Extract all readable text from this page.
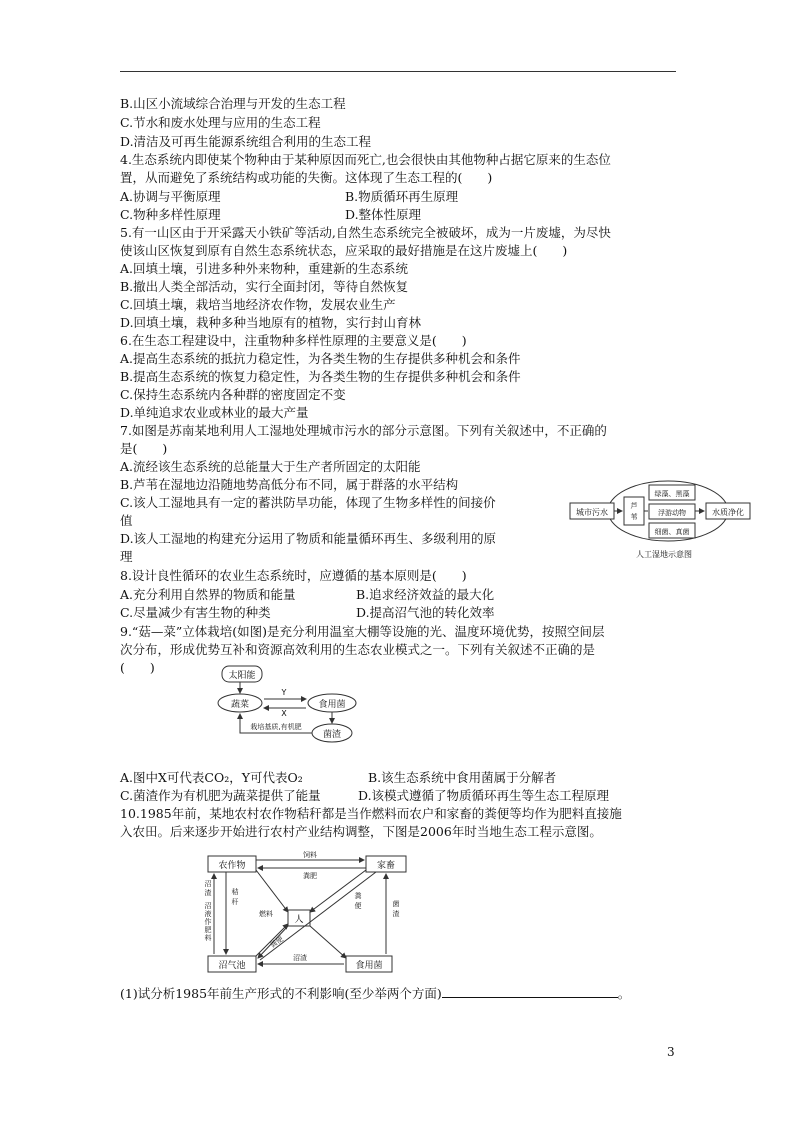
B.山区小流域综合治理与开发的生态工程
C.节水和废水处理与应用的生态工程
D.清洁及可再生能源系统组合利用的生态工程
4.生态系统内即使某个物种由于某种原因而死亡,也会很快由其他物种占据它原来的生态位
置，从而避免了系统结构或功能的失衡。这体现了生态工程的(　　)
A.协调与平衡原理	B.物质循环再生原理
C.物种多样性原理	D.整体性原理
5.有一山区由于开采露天小铁矿等活动,自然生态系统完全被破坏，成为一片废墟，为尽快
使该山区恢复到原有自然生态系统状态，应采取的最好措施是在这片废墟上(　　)
A.回填土壤，引进多种外来物种，重建新的生态系统
B.撤出人类全部活动，实行全面封闭，等待自然恢复
C.回填土壤，栽培当地经济农作物，发展农业生产
D.回填土壤，栽种多种当地原有的植物，实行封山育林
6.在生态工程建设中，注重物种多样性原理的主要意义是(　　)
A.提高生态系统的抵抗力稳定性，为各类生物的生存提供多种机会和条件
B.提高生态系统的恢复力稳定性，为各类生物的生存提供多种机会和条件
C.保持生态系统内各种群的密度固定不变
D.单纯追求农业或林业的最大产量
7.如图是苏南某地利用人工湿地处理城市污水的部分示意图。下列有关叙述中，不正确的
是(　　)
A.流经该生态系统的总能量大于生产者所固定的太阳能
B.芦苇在湿地边沿随地势高低分布不同，属于群落的水平结构
C.该人工湿地具有一定的蓄洪防旱功能，体现了生物多样性的间接价
值
D.该人工湿地的构建充分运用了物质和能量循环再生、多级利用的原
理
城市污水
芦
苇
绿藻、黑藻
浮游动物
细菌、真菌
水质净化
人工湿地示意图
8.设计良性循环的农业生态系统时，应遵循的基本原则是(　　)
A.充分利用自然界的物质和能量	B.追求经济效益的最大化
C.尽量减少有害生物的种类	D.提高沼气池的转化效率
9.“菇—菜”立体栽培(如图)是充分利用温室大棚等设施的光、温度环境优势，按照空间层
次分布，形成优势互补和资源高效利用的生态农业模式之一。下列有关叙述不正确的是
(　　)
太阳能
蔬菜	食用菌
Y
X
菌渣
栽培基质,有机肥
A.图中X可代表CO₂，Y可代表O₂	B.该生态系统中食用菌属于分解者
C.菌渣作为有机肥为蔬菜提供了能量	D.该模式遵循了物质循环再生等生态工程原理
10.1985年前，某地农村农作物秸秆都是当作燃料而农户和家畜的粪便等均作为肥料直接施
入农田。后来逐步开始进行农村产业结构调整，下图是2006年时当地生态工程示意图。
农作物	家畜
人
沼气池	食用菌
饲料
粪肥
秸
秆
沼
渣
沼
液
作
肥
料
燃料
粪便
粪
便	菌
渣
沼渣
(1)试分析1985年前生产形式的不利影响(至少举两个方面)	。
3
